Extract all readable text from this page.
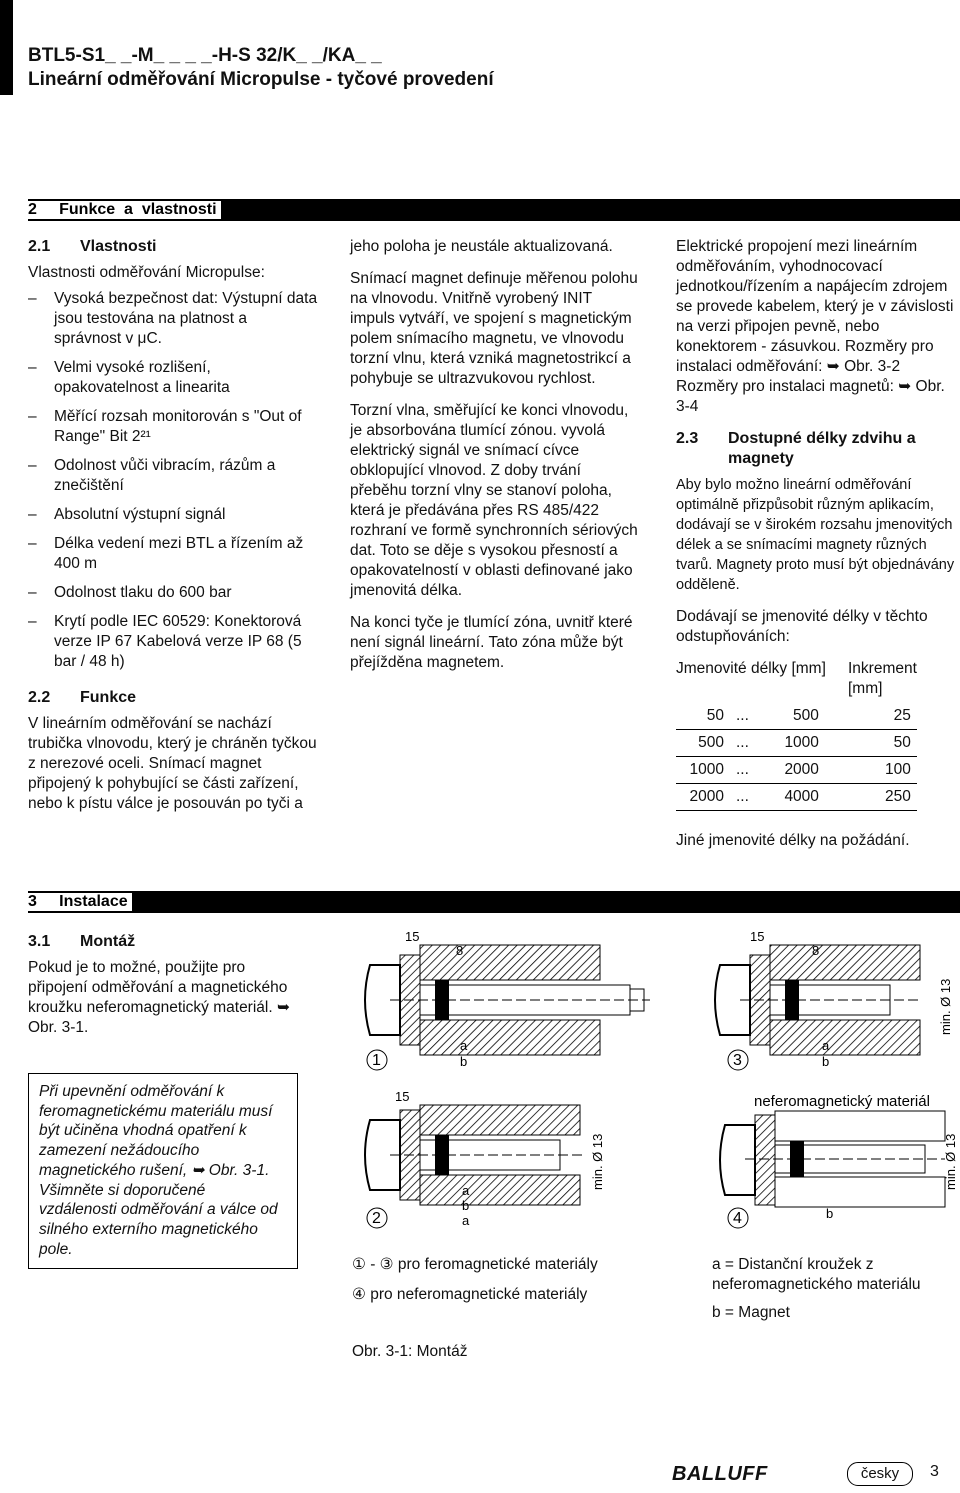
BTL5-S1_ _-M_ _ _ _-H-S 32/K_ _/KA_ _
Lineární odměřování Micropulse - tyčové provedení
2     Funkce  a  vlastnosti
2.1 Vlastnosti
Vlastnosti odměřování Micropulse:
– Vysoká bezpečnost dat: Výstupní data jsou testována na platnost a správnost v μC.
– Velmi vysoké rozlišení, opakovatelnost a linearita
– Měřící rozsah monitorován s "Out of Range" Bit 2²¹
– Odolnost vůči vibracím, rázům a znečištění
– Absolutní výstupní signál
– Délka vedení mezi BTL a řízením až 400 m
– Odolnost tlaku do 600 bar
– Krytí podle IEC 60529: Konektorová verze IP 67 Kabelová verze IP 68 (5 bar / 48 h)
2.2 Funkce
V lineárním odměřování se nachází trubička vlnovodu, který je chráněn tyčkou z nerezové oceli. Snímací magnet připojený k pohybující se části zařízení, nebo k pístu válce je posouván po tyči a

jeho poloha je neustále aktualizovaná.

Snímací magnet definuje měřenou polohu na vlnovodu. Vnitřně vyrobený INIT impuls vytváří, ve spojení s magnetickým polem snímacího magnetu, ve vlnovodu torzní vlnu, která vzniká magnetostrikcí a pohybuje se ultrazvukovou rychlost.

Torzní vlna, směřující ke konci vlnovodu, je absorbována tlumící zónou. vyvolá elektrický signál ve snímací cívce obklopující vlnovod. Z doby trvání přeběhu torzní vlny se stanoví poloha, která je předávána přes RS 485/422 rozhraní ve formě synchronních sériových dat. Toto se děje s vysokou přesností a opakovatelností v oblasti definované jako jmenovitá délka.

Na konci tyče je tlumící zóna, uvnitř které není signál lineární. Tato zóna může být přejížděna magnetem.

Elektrické propojení mezi lineárním odměřováním, vyhodnocovací jednotkou/řízením a napájecím zdrojem se provede kabelem, který je v závislosti na verzi připojen pevně, nebo konektorem - zásuvkou. Rozměry pro instalaci odměřování: ➥ Obr. 3-2 Rozměry pro instalaci magnetů: ➥ Obr. 3-4

2.3	Dostupné délky zdvihu a magnety

Aby bylo možno lineární odměřování optimálně přizpůsobit různým aplikacím, dodávají se v širokém rozsahu jmenovitých délek a se snímacími magnety různých tvarů. Magnety proto musí být objednávány odděleně.

Dodávají se jmenovité délky v těchto odstupňováních:

Jmenovité délky [mm] Inkrement [mm]
50	...	500	25
500	...	1000	50
1000	...	2000	100
2000	...	4000	250

Jiné jmenovité délky na požádání.

3     Instalace
3.1 Montáž
Pokud je to možné, použijte pro připojení odměřování a magnetického kroužku neferomagnetický materiál. ➥ Obr. 3-1.
Při upevnění odměřování k feromagnetickému materiálu musí být učiněna vhodná opatření k zamezení nežádoucího magnetického rušení, ➥ Obr. 3-1. Všimněte si doporučené vzdálenosti odměřování a válce od silného externího magnetického pole.
15
8
1
a
b
15
8
min. Ø 13
3
a
b
15
min. Ø 13
2
a
b
a
neferomagnetický materiál
min. Ø 13
4	b
① - ③ pro feromagnetické materiály
④ pro neferomagnetické materiály
a = Distanční kroužek z neferomagnetického materiálu
b = Magnet
Obr. 3-1: Montáž
BALLUFF	česky	3
